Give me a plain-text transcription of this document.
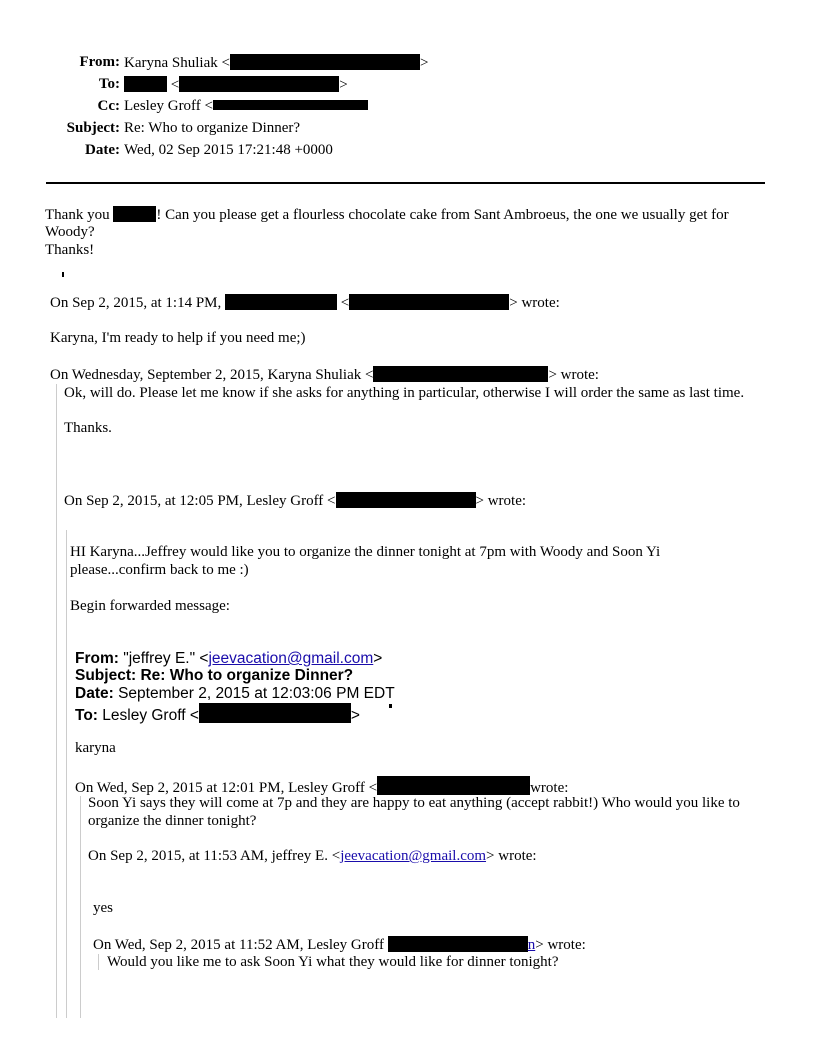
From: Karyna Shuliak <	>
To:	<	>
Cc: Lesley Groff <
Subject: Re: Who to organize Dinner?
Date: Wed, 02 Sep 2015 17:21:48 +0000
Thank you	! Can you please get a flourless chocolate cake from Sant Ambroeus, the one we usually get for Woody?
Thanks!
On Sep 2, 2015, at 1:14 PM,	<	> wrote:
Karyna, I'm ready to help if you need me;)
On Wednesday, September 2, 2015, Karyna Shuliak <	> wrote:
Ok, will do. Please let me know if she asks for anything in particular, otherwise I will order the same as last time.
Thanks.
On Sep 2, 2015, at 12:05 PM, Lesley Groff <	> wrote:
HI Karyna...Jeffrey would like you to organize the dinner tonight at 7pm with Woody and Soon Yi please...confirm back to me :)
Begin forwarded message:
From: "jeffrey E." <jeevacation@gmail.com>
Subject: Re: Who to organize Dinner?
Date: September 2, 2015 at 12:03:06 PM EDT
To: Lesley Groff <	>
karyna
On Wed, Sep 2, 2015 at 12:01 PM, Lesley Groff <	wrote:
Soon Yi says they will come at 7p and they are happy to eat anything (accept rabbit!) Who would you like to organize the dinner tonight?
On Sep 2, 2015, at 11:53 AM, jeffrey E. <jeevacation@gmail.com> wrote:
yes
On Wed, Sep 2, 2015 at 11:52 AM, Lesley Groff	n> wrote:
Would you like me to ask Soon Yi what they would like for dinner tonight?
